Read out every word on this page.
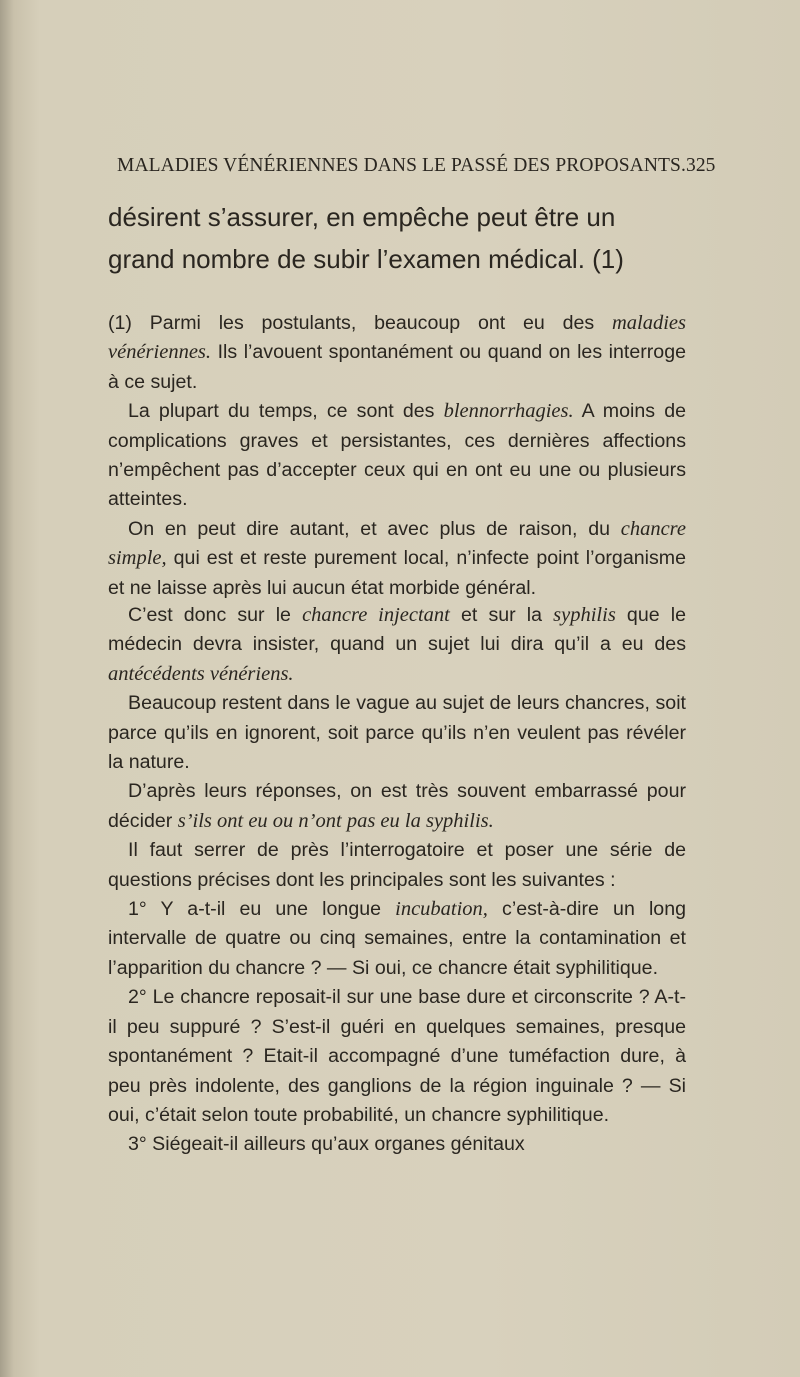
MALADIES VÉNÉRIENNES DANS LE PASSÉ DES PROPOSANTS. 325
désirent s’assurer, en empêche peut être un
grand nombre de subir l’examen médical. (1)

(1) Parmi les postulants, beaucoup ont eu des maladies vénériennes. Ils l’avouent spontanément ou quand on les interroge à ce sujet.

La plupart du temps, ce sont des blennorrhagies. A moins de complications graves et persistantes, ces dernières affections n’empêchent pas d’accepter ceux qui en ont eu une ou plusieurs atteintes.

On en peut dire autant, et avec plus de raison, du chancre simple, qui est et reste purement local, n’infecte point l’organisme et ne laisse après lui aucun état morbide général.

C’est donc sur le chancre injectant et sur la syphilis que le médecin devra insister, quand un sujet lui dira qu’il a eu des antécédents vénériens.

Beaucoup restent dans le vague au sujet de leurs chancres, soit parce qu’ils en ignorent, soit parce qu’ils n’en veulent pas révéler la nature.

D’après leurs réponses, on est très souvent embarrassé pour décider s’ils ont eu ou n’ont pas eu la syphilis.

Il faut serrer de près l’interrogatoire et poser une série de questions précises dont les principales sont les suivantes :

1° Y a-t-il eu une longue incubation, c’est-à-dire un long intervalle de quatre ou cinq semaines, entre la contamination et l’apparition du chancre ? — Si oui, ce chancre était syphilitique.

2° Le chancre reposait-il sur une base dure et circonscrite ? A-t-il peu suppuré ? S’est-il guéri en quelques semaines, presque spontanément ? Etait-il accompagné d’une tuméfaction dure, à peu près indolente, des ganglions de la région inguinale ? — Si oui, c’était selon toute probabilité, un chancre syphilitique.

3° Siégeait-il ailleurs qu’aux organes génitaux
